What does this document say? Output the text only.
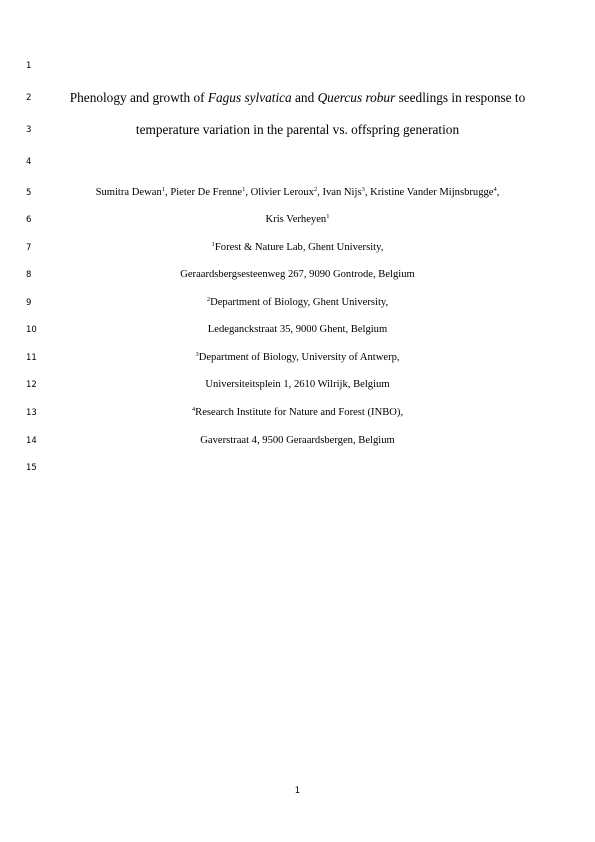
1
2	Phenology and growth of Fagus sylvatica and Quercus robur seedlings in response to
3	temperature variation in the parental vs. offspring generation
4
5	Sumitra Dewan$^1$, Pieter De Frenne$^1$, Olivier Leroux$^2$, Ivan Nijs$^3$, Kristine Vander Mijnsbrugge$^4$,
6	Kris Verheyen$^1$
7	$^1$Forest & Nature Lab, Ghent University,
8	Geraardsbergsesteenweg 267, 9090 Gontrode, Belgium
9	$^2$Department of Biology, Ghent University,
10	Ledeganckstraat 35, 9000 Ghent, Belgium
11	$^3$Department of Biology, University of Antwerp,
12	Universiteitsplein 1, 2610 Wilrijk, Belgium
13	$^4$Research Institute for Nature and Forest (INBO),
14	Gaverstraat 4, 9500 Geraardsbergen, Belgium
15
1
